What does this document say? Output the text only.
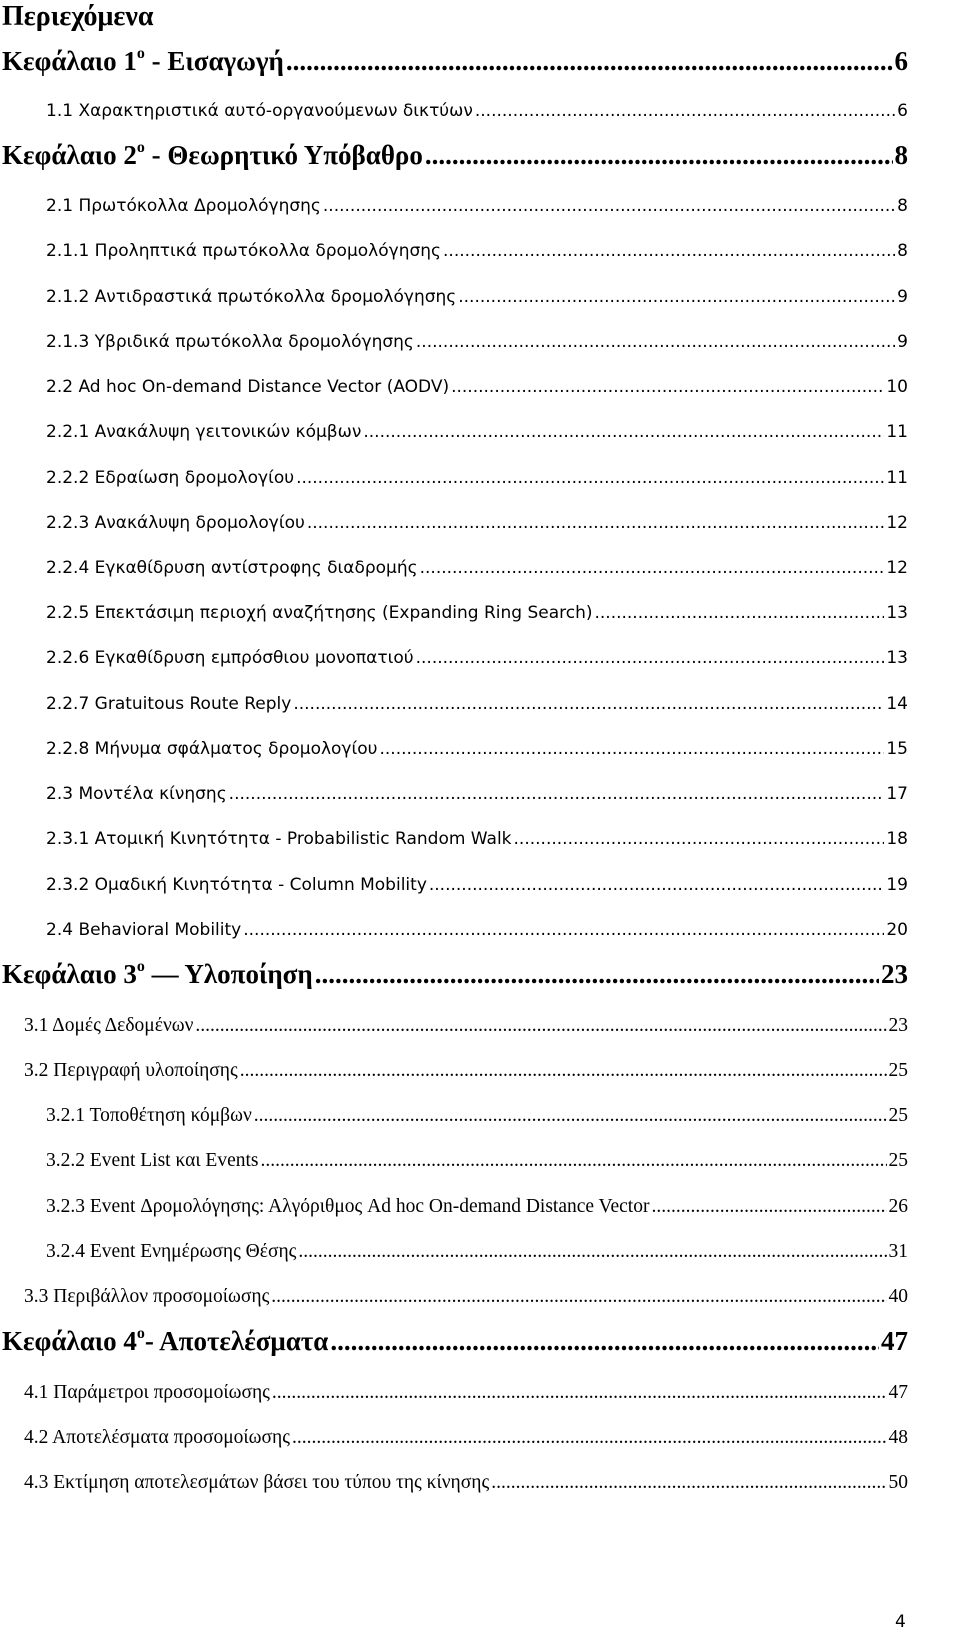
Περιεχόμενα
Κεφάλαιο $1^o$ - Εισαγωγή .....	6
1.1 Χαρακτηριστικά αυτό-οργανούμενων δικτύων .....	6
Κεφάλαιο $2^o$ - Θεωρητικό Υπόβαθρο .....	8
2.1 Πρωτόκολλα Δρομολόγησης .....	8
2.1.1 Προληπτικά πρωτόκολλα δρομολόγησης .....	8
2.1.2 Αντιδραστικά πρωτόκολλα δρομολόγησης .....	9
2.1.3 Υβριδικά πρωτόκολλα δρομολόγησης .....	9
2.2 Ad hoc On-demand Distance Vector (AODV) .....	10
2.2.1 Ανακάλυψη γειτονικών κόμβων .....	11
2.2.2 Εδραίωση δρομολογίου .....	11
2.2.3 Ανακάλυψη δρομολογίου .....	12
2.2.4 Εγκαθίδρυση αντίστροφης διαδρομής .....	12
2.2.5 Επεκτάσιμη περιοχή αναζήτησης (Expanding Ring Search) .....	13
2.2.6 Εγκαθίδρυση εμπρόσθιου μονοπατιού .....	13
2.2.7 Gratuitous Route Reply .....	14
2.2.8 Μήνυμα σφάλματος δρομολογίου .....	15
2.3 Μοντέλα κίνησης .....	17
2.3.1 Ατομική Κινητότητα - Probabilistic Random Walk .....	18
2.3.2 Ομαδική Κινητότητα - Column Mobility .....	19
2.4 Behavioral Mobility .....	20
Κεφάλαιο $3^o$ — Υλοποίηση .....	23
3.1 Δομές Δεδομένων .....	23
3.2 Περιγραφή υλοποίησης .....	25
3.2.1 Τοποθέτηση κόμβων .....	25
3.2.2 Event List και Events .....	25
3.2.3 Event Δρομολόγησης: Αλγόριθμος Ad hoc On-demand Distance Vector .....	26
3.2.4 Event Ενημέρωσης Θέσης .....	31
3.3 Περιβάλλον προσομοίωσης .....	40
Κεφάλαιο $4^o-$ Αποτελέσματα .....	47
4.1 Παράμετροι προσομοίωσης .....	47
4.2 Αποτελέσματα προσομοίωσης .....	48
4.3 Εκτίμηση αποτελεσμάτων βάσει του τύπου της κίνησης .....	50
4
